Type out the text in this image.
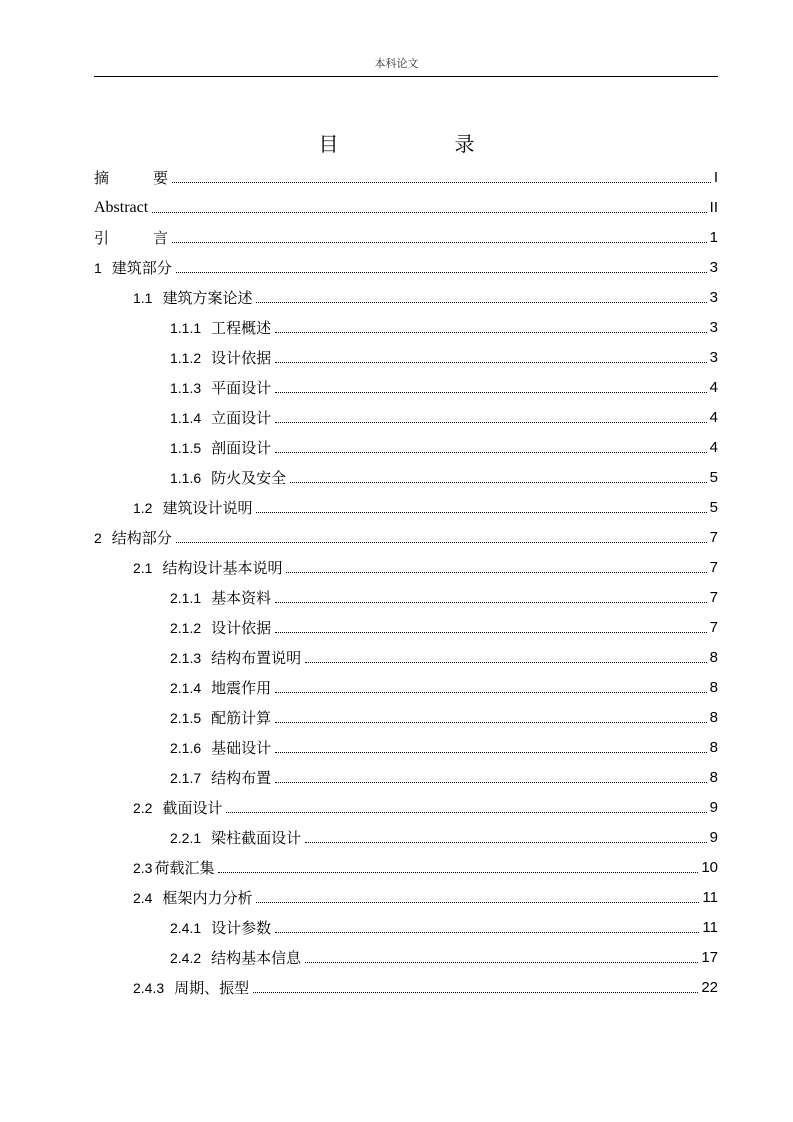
本科论文
目　录
摘要	I
Abstract	II
引言	1
1 建筑部分	3
1.1 建筑方案论述	3
1.1.1 工程概述	3
1.1.2 设计依据	3
1.1.3 平面设计	4
1.1.4 立面设计	4
1.1.5 剖面设计	4
1.1.6 防火及安全	5
1.2 建筑设计说明	5
2 结构部分	7
2.1 结构设计基本说明	7
2.1.1 基本资料	7
2.1.2 设计依据	7
2.1.3 结构布置说明	8
2.1.4 地震作用	8
2.1.5 配筋计算	8
2.1.6 基础设计	8
2.1.7 结构布置	8
2.2 截面设计	9
2.2.1 梁柱截面设计	9
2.3 荷载汇集	10
2.4 框架内力分析	11
2.4.1 设计参数	11
2.4.2 结构基本信息	17
2.4.3 周期、振型	22
